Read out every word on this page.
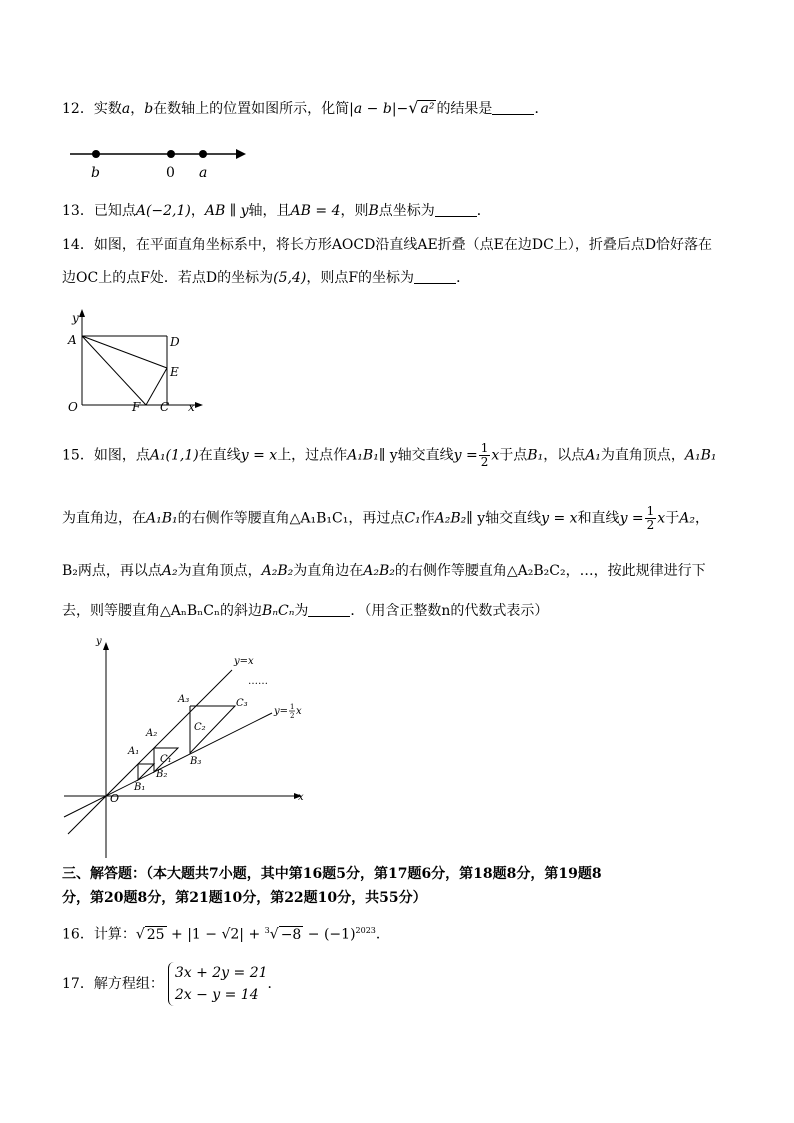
12．实数a，b在数轴上的位置如图所示，化简|a − b|−√ a² 的结果是	．
b	0 a
13．已知点A(−2,1)，AB ∥ y轴，且AB = 4，则B点坐标为	．
14．如图，在平面直角坐标系中，将长方形AOCD沿直线AE折叠（点E在边DC上），折叠后点D恰好落在
边OC上的点F处．若点D的坐标为(5,4)，则点F的坐标为	．
y
x
A	D
E
O	F C
15．如图，点A₁(1,1)在直线y = x上，过点作A₁B₁∥ y轴交直线$y = \frac{1}{2}$ x于点B₁，以点A₁为直角顶点，A₁B₁
为直角边，在A₁B₁的右侧作等腰直角△A₁B₁C₁，再过点C₁作A₂B₂∥ y轴交直线y = x和直线$y = \frac{1}{2}$ x于A₂，
B₂两点，再以点A₂为直角顶点，A₂B₂为直角边在A₂B₂的右侧作等腰直角△A₂B₂C₂，…，按此规律进行下
去，则等腰直角△AₙBₙCₙ的斜边BₙCₙ为	．（用含正整数n的代数式表示）
y
x
O
y=x
……
y= 1
2 x
A₁
A₂
A₃
B₁
B₂
B₃
C₁
C₂
C₃
三、解答题：（本大题共7小题，其中第16题5分，第17题6分，第18题8分，第19题8
分，第20题8分，第21题10分，第22题10分，共55分）
16．计算：√ $25 + |1 - √2| + ^3√ -8 - (-1)^{2023}$．
17．解方程组：3x + 2y = 21
2x − y = 14．
